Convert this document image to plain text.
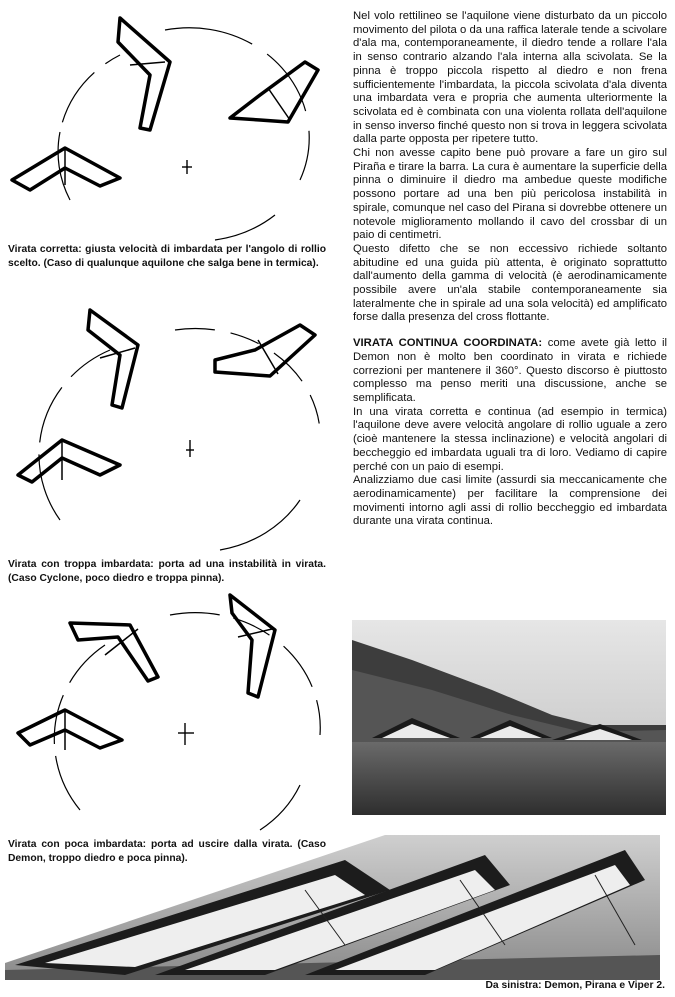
Virata corretta: giusta velocità di imbardata per l'angolo di rollio scelto. (Caso di qualunque aquilone che salga bene in termica).
Virata con troppa imbardata: porta ad una instabilità in virata. (Caso Cyclone, poco diedro e troppa pinna).
Virata con poca imbardata: porta ad uscire dalla virata. (Caso Demon, troppo diedro e poca pinna).

Nel volo rettilineo se l'aquilone viene disturbato da un piccolo movimento del pilota o da una raffica laterale tende a scivolare d'ala ma, contemporaneamente, il diedro tende a rollare l'ala in senso contrario alzando l'ala interna alla scivolata. Se la pinna è troppo piccola rispetto al diedro e non frena sufficientemente l'imbardata, la piccola scivolata d'ala diventa una imbardata vera e propria che aumenta ulteriormente la scivolata ed è combinata con una violenta rollata dell'aquilone in senso inverso finché questo non si trova in leggera scivolata dalla parte opposta per ripetere tutto.

Chi non avesse capito bene può provare a fare un giro sul Piraña e tirare la barra. La cura è aumentare la superficie della pinna o diminuire il diedro ma ambedue queste modifiche possono portare ad una ben più pericolosa instabilità in spirale, comunque nel caso del Pirana si dovrebbe ottenere un notevole miglioramento mollando il cavo del crossbar di un paio di centimetri.

Questo difetto che se non eccessivo richiede soltanto abitudine ed una guida più attenta, è originato soprattutto dall'aumento della gamma di velocità (è aerodinamicamente possibile avere un'ala stabile contemporaneamente sia lateralmente che in spirale ad una sola velocità) ed amplificato forse dalla presenza del cross flottante.

VIRATA CONTINUA COORDINATA: come avete già letto il Demon non è molto ben coordinato in virata e richiede correzioni per mantenere il 360°. Questo discorso è piuttosto complesso ma penso meriti una discussione, anche se semplificata.

In una virata corretta e continua (ad esempio in termica) l'aquilone deve avere velocità angolare di rollio uguale a zero (cioè mantenere la stessa inclinazione) e velocità angolari di beccheggio ed imbardata uguali tra di loro. Vediamo di capire perché con un paio di esempi.

Analizziamo due casi limite (assurdi sia meccanicamente che aerodinamicamente) per facilitare la comprensione dei movimenti intorno agli assi di rollio beccheggio ed imbardata durante una virata continua.

Da sinistra: Demon, Pirana e Viper 2.
